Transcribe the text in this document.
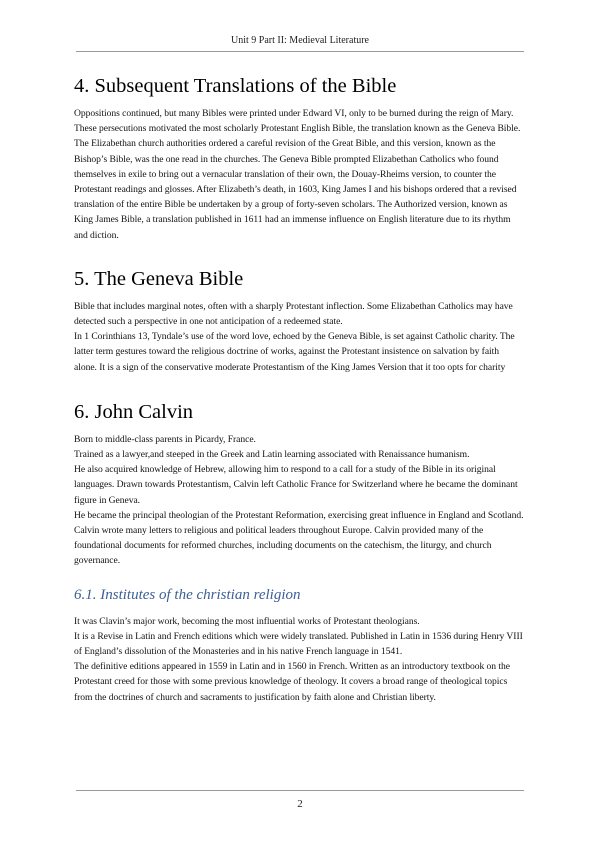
Unit 9 Part II: Medieval Literature
4. Subsequent Translations of the Bible

Oppositions continued, but many Bibles were printed under Edward VI, only to be burned during the reign of Mary.

These persecutions motivated the most scholarly Protestant English Bible, the translation known as the Geneva Bible. The Elizabethan church authorities ordered a careful revision of the Great Bible, and this version, known as the Bishop’s Bible, was the one read in the churches. The Geneva Bible prompted Elizabethan Catholics who found themselves in exile to bring out a vernacular translation of their own, the Douay-Rheims version, to counter the Protestant readings and glosses. After Elizabeth’s death, in 1603, King James I and his bishops ordered that a revised translation of the entire Bible be undertaken by a group of forty-seven scholars. The Authorized version, known as King James Bible, a translation published in 1611 had an immense influence on English literature due to its rhythm and diction.

5. The Geneva Bible

Bible that includes marginal notes, often with a sharply Protestant inflection. Some Elizabethan Catholics may have detected such a perspective in one not anticipation of a redeemed state.

In 1 Corinthians 13, Tyndale’s use of the word love, echoed by the Geneva Bible, is set against Catholic charity. The latter term gestures toward the religious doctrine of works, against the Protestant insistence on salvation by faith alone. It is a sign of the conservative moderate Protestantism of the King James Version that it too opts for charity

6. John Calvin

Born to middle-class parents in Picardy, France.

Trained as a lawyer,and steeped in the Greek and Latin learning associated with Renaissance humanism.

He also acquired knowledge of Hebrew, allowing him to respond to a call for a study of the Bible in its original languages. Drawn towards Protestantism, Calvin left Catholic France for Switzerland where he became the dominant figure in Geneva.

He became the principal theologian of the Protestant Reformation, exercising great influence in England and Scotland. Calvin wrote many letters to religious and political leaders throughout Europe. Calvin provided many of the foundational documents for reformed churches, including documents on the catechism, the liturgy, and church governance.

6.1. Institutes of the christian religion

It was Clavin’s major work, becoming the most influential works of Protestant theologians.

It is a Revise in Latin and French editions which were widely translated. Published in Latin in 1536 during Henry VIII of England’s dissolution of the Monasteries and in his native French language in 1541.

The definitive editions appeared in 1559 in Latin and in 1560 in French. Written as an introductory textbook on the Protestant creed for those with some previous knowledge of theology. It covers a broad range of theological topics from the doctrines of church and sacraments to justification by faith alone and Christian liberty.

2
